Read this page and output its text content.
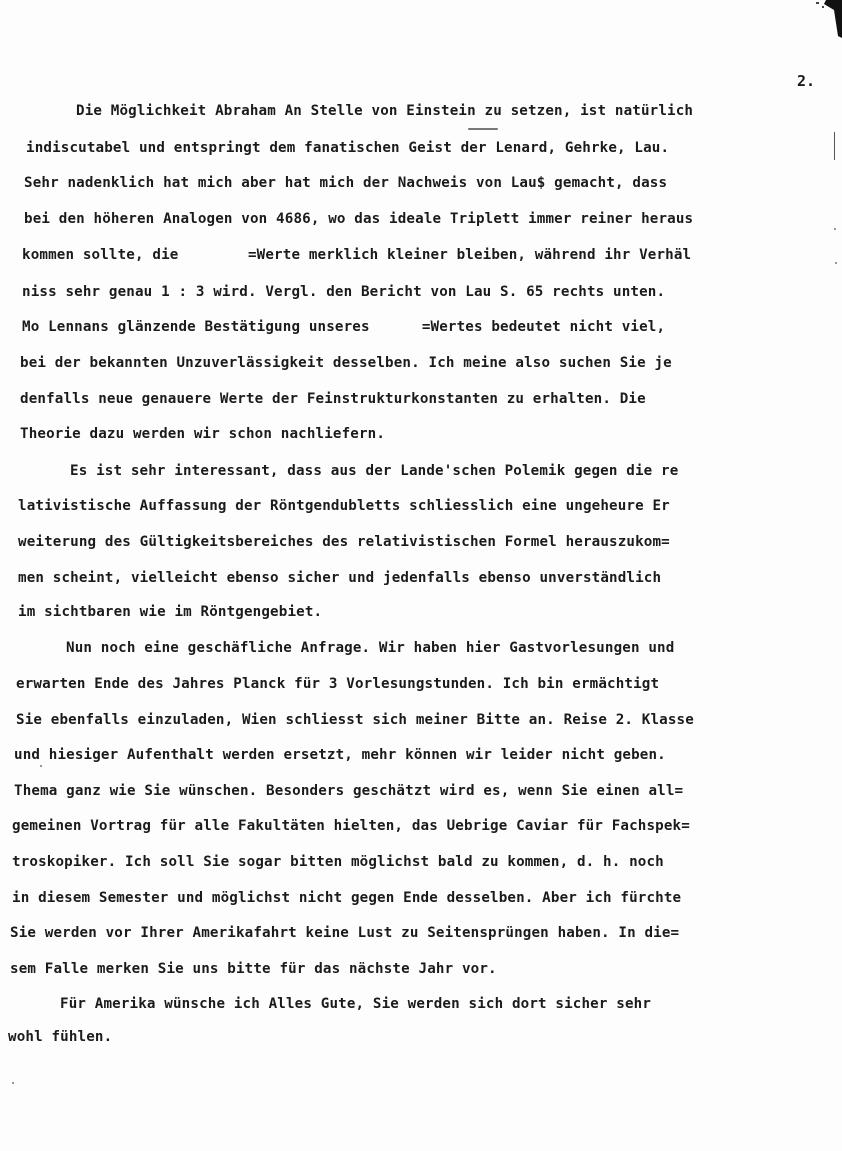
2.
Die Möglichkeit Abraham An Stelle von Einstein zu setzen, ist natürlich
indiscutabel und entspringt dem fanatischen Geist der Lenard, Gehrke, Lau.
Sehr nadenklich hat mich aber hat mich der Nachweis von Lau$ gemacht, dass
bei den höheren Analogen von 4686, wo das ideale Triplett immer reiner heraus
kommen sollte, die        =Werte merklich kleiner bleiben, während ihr Verhäl
niss sehr genau 1 : 3 wird. Vergl. den Bericht von Lau S. 65 rechts unten.
Mo Lennans glänzende Bestätigung unseres      =Wertes bedeutet nicht viel,
bei der bekannten Unzuverlässigkeit desselben. Ich meine also suchen Sie je
denfalls neue genauere Werte der Feinstrukturkonstanten zu erhalten. Die
Theorie dazu werden wir schon nachliefern.
Es ist sehr interessant, dass aus der Lande'schen Polemik gegen die re
lativistische Auffassung der Röntgendubletts schliesslich eine ungeheure Er
weiterung des Gültigkeitsbereiches des relativistischen Formel herauszukom=
men scheint, vielleicht ebenso sicher und jedenfalls ebenso unverständlich
im sichtbaren wie im Röntgengebiet.
Nun noch eine geschäfliche Anfrage. Wir haben hier Gastvorlesungen und
erwarten Ende des Jahres Planck für 3 Vorlesungstunden. Ich bin ermächtigt
Sie ebenfalls einzuladen, Wien schliesst sich meiner Bitte an. Reise 2. Klasse
und hiesiger Aufenthalt werden ersetzt, mehr können wir leider nicht geben.
Thema ganz wie Sie wünschen. Besonders geschätzt wird es, wenn Sie einen all=
gemeinen Vortrag für alle Fakultäten hielten, das Uebrige Caviar für Fachspek=
troskopiker. Ich soll Sie sogar bitten möglichst bald zu kommen, d. h. noch
in diesem Semester und möglichst nicht gegen Ende desselben. Aber ich fürchte
Sie werden vor Ihrer Amerikafahrt keine Lust zu Seitensprüngen haben. In die=
sem Falle merken Sie uns bitte für das nächste Jahr vor.
Für Amerika wünsche ich Alles Gute, Sie werden sich dort sicher sehr
wohl fühlen.
